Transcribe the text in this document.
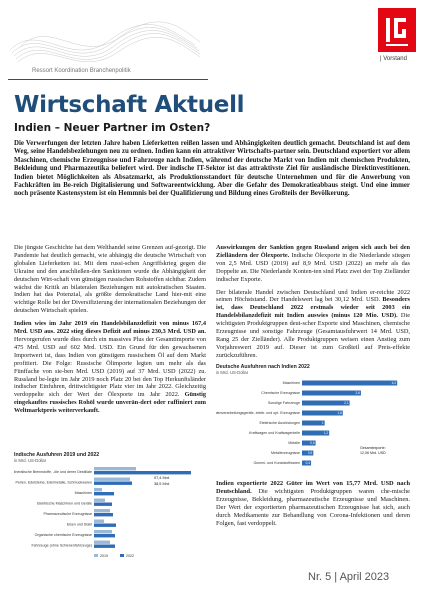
| Vorstand
Ressort Koordination Branchenpolitik
Wirtschaft Aktuell
Indien – Neuer Partner im Osten?
Die Verwerfungen der letzten Jahre haben Lieferketten reißen lassen und Abhängigkeiten deutlich gemacht. Deutschland ist auf dem Weg, seine Handelsbeziehungen neu zu ordnen. Indien kann ein attraktiver Wirtschafts-partner sein. Deutschland exportiert vor allem Maschinen, chemische Erzeugnisse und Fahrzeuge nach Indien, während der deutsche Markt von Indien mit chemischen Produkten, Bekleidung und Pharmazeutika beliefert wird. Der indische IT-Sektor ist das attraktivste Ziel für ausländische Direktinvestitionen. Indien bietet Möglichkeiten als Absatzmarkt, als Produktionsstandort für deutsche Unternehmen und für die Anwerbung von Fachkräften im Be-reich Digitalisierung und Softwareentwicklung. Aber die Gefahr des Demokratieabbaus steigt. Und eine immer noch präsente Kastensystem ist ein Hemmnis bei der Qualifizierung und Bildung eines Großteils der Bevölkerung.

Die jüngste Geschichte hat dem Welthandel seine Grenzen auf-gezeigt. Die Pandemie hat deutlich gemacht, wie abhängig die deutsche Wirtschaft von globalen Lieferketten ist. Mit dem russi-schen Angriffskrieg gegen die Ukraine und den anschließen-den Sanktionen wurde die Abhängigkeit der deutschen Wirt-schaft von günstigen russischen Rohstoffen sichtbar. Zudem wächst die Kritik an bilateralen Beziehungen mit autokratischen Staaten. Indien hat das Potenzial, als größte demokratische Land hier-mit eine wichtige Rolle bei der Diversifizierung der internationalen Beziehungen der deutschen Wirtschaft spielen.

Indien wies im Jahr 2019 ein Handelsbilanzdefizit von minus 167,4 Mrd. USD aus. 2022 stieg dieses Defizit auf minus 230,3 Mrd. USD an. Hervorgerufen wurde dies durch ein massives Plus der Gesamtimporte von 475 Mrd. USD auf 602 Mrd. USD. Ein Grund für den gewachsenen Importwert ist, dass Indien von günstigem russischem Öl auf dem Markt profitiert. Die Folge: Russische Ölimporte legten um mehr als das Fünffache von sie-ben Mrd. USD (2019) auf 37 Mrd. USD (2022) zu. Russland be-legte im Jahr 2019 noch Platz 20 bei den Top Herkunftsländer indischer Einfuhren, drittwichtigster Platz vier im Jahr 2022. Gleichzeitig verdoppelte sich der Wert der Ölexporte im Jahr 2022. Günstig eingekauftes russisches Rohöl wurde unverän-dert oder raffiniert zum Weltmarktpreis weiterverkauft.

Auswirkungen der Sanktion gegen Russland zeigen sich auch bei den Zielländern der Ölexporte. Indische Ölexporte in die Niederlande stiegen von 2,5 Mrd. USD (2019) auf 8,9 Mrd. USD (2022) an mehr als das Doppelte an. Die Niederlande Konten-ten sind Platz zwei der Top Zielländer indischer Exporte.

Der bilaterale Handel zwischen Deutschland und Indien er-reichte 2022 seinen Höchststand. Der Handelswert lag bei 30,12 Mrd. USD. Besonders ist, dass Deutschland 2022 erstmals wieder seit 2003 ein Handelsbilanzdefizit mit Indien auswies (minus 120 Mio. USD). Die wichtigsten Produktgruppen deut-scher Exporte sind Maschinen, chemische Erzeugnisse und sonstige Fahrzeuge (Gesamtausfuhrwert 14 Mrd. USD, Rang 25 der Zielländer). Alle Produktgruppen weisen einen Anstieg zum Vorjahreswert 2019 auf. Dieser ist zum Großteil auf Preis-effekte zurückzuführen.

Indische Ausfuhren 2019 und 2022
in Mrd. US-Dollar
Mineralische Brennstoffe, -öle und deren Destillate
Perlen, Edelsteine, Edelmetalle, Schmuckwaren
Maschinen
Elektrische Maschinen und Geräte
Pharmazeutische Erzeugnisse
Eisen und Stahl
Organische chemische Erzeugnisse
Fahrzeuge (ohne Schienenfahrzeuge)
97,4 Mrd.
38,5 Mrd.
2019	2022
Deutsche Ausfuhren nach Indien 2022
in Mrd. US-Dollar
Maschinen	4,2
Chemische Erzeugnisse	2,6
Sonstige Fahrzeuge	2,1
Datenverarbeitungsgeräte, elektr. und opt. Erzeugnisse	1,8
Elektrische Ausrüstungen	1
Kraftwagen und Kraftwagenteile	1,2
Metalle	0,6
Metallerzeugnisse 0,5
Gummi- und Kunststoffwaren 0,4
Gesamtexporte:
12,06 Mrd. USD

Indien exportierte 2022 Güter im Wert von 15,77 Mrd. USD nach Deutschland. Die wichtigsten Produktgruppen waren che-mische Erzeugnisse, Bekleidung, pharmazeutische Erzeugnisse und Maschinen. Der Wert der exportierten pharmazeutischen Erzeugnisse hat sich, auch durch Medikamente zur Behandlung von Corona-Infektionen und deren Folgen, fast verdoppelt.

Nr. 5 | April 2023
